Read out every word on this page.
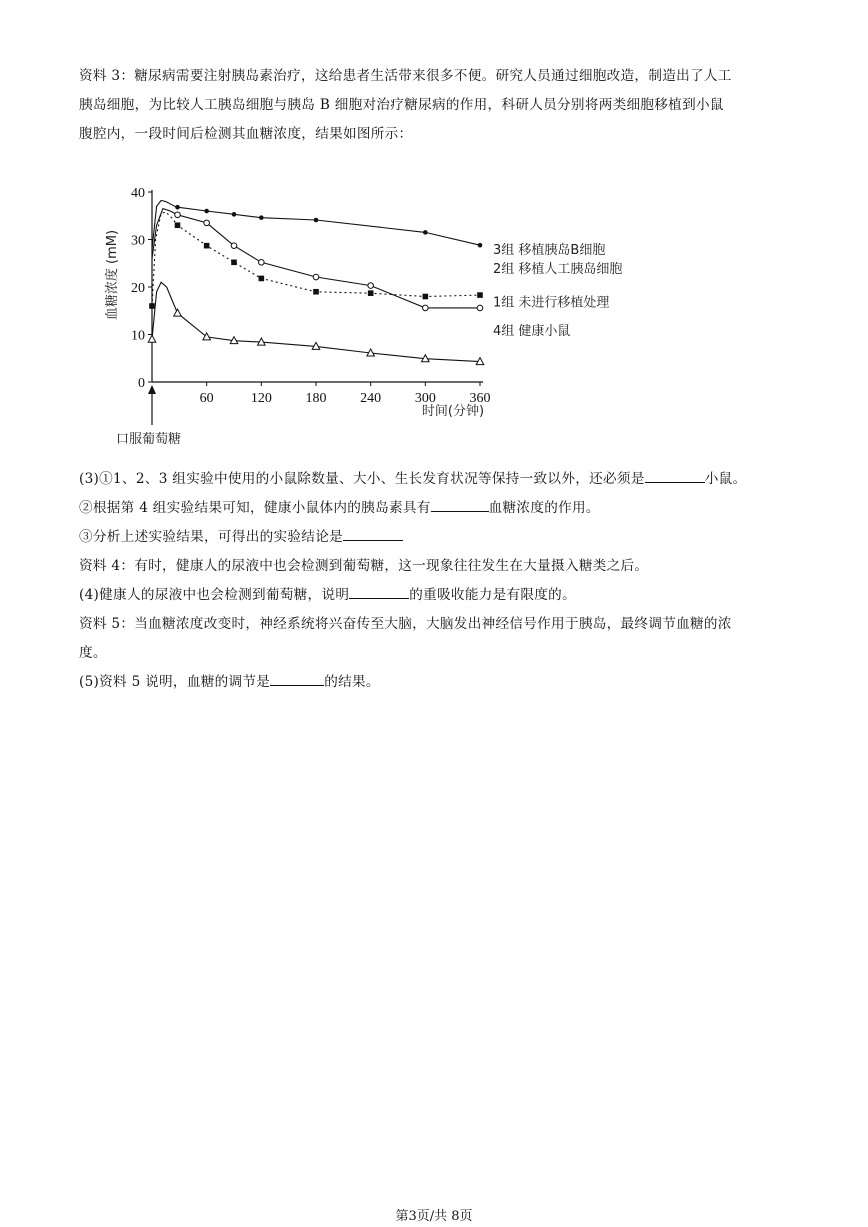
资料 3：糖尿病需要注射胰岛素治疗，这给患者生活带来很多不便。研究人员通过细胞改造，制造出了人工
胰岛细胞，为比较人工胰岛细胞与胰岛 B 细胞对治疗糖尿病的作用，科研人员分别将两类细胞移植到小鼠
腹腔内，一段时间后检测其血糖浓度，结果如图所示：
血糖浓度 (mM)
0
10
20
30
40
60	120 180 240 300 360
时间(分钟)
1组 未进行移植处理
2组 移植人工胰岛细胞
3组 移植胰岛B细胞
4组 健康小鼠
口服葡萄糖
(3)①1、2、3 组实验中使用的小鼠除数量、大小、生长发育状况等保持一致以外，还必须是	小鼠。
②根据第 4 组实验结果可知，健康小鼠体内的胰岛素具有	血糖浓度的作用。
③分析上述实验结果，可得出的实验结论是
资料 4：有时，健康人的尿液中也会检测到葡萄糖，这一现象往往发生在大量摄入糖类之后。
(4)健康人的尿液中也会检测到葡萄糖，说明	的重吸收能力是有限度的。
资料 5：当血糖浓度改变时，神经系统将兴奋传至大脑，大脑发出神经信号作用于胰岛，最终调节血糖的浓
度。
(5)资料 5 说明，血糖的调节是	的结果。
第3页/共 8页
